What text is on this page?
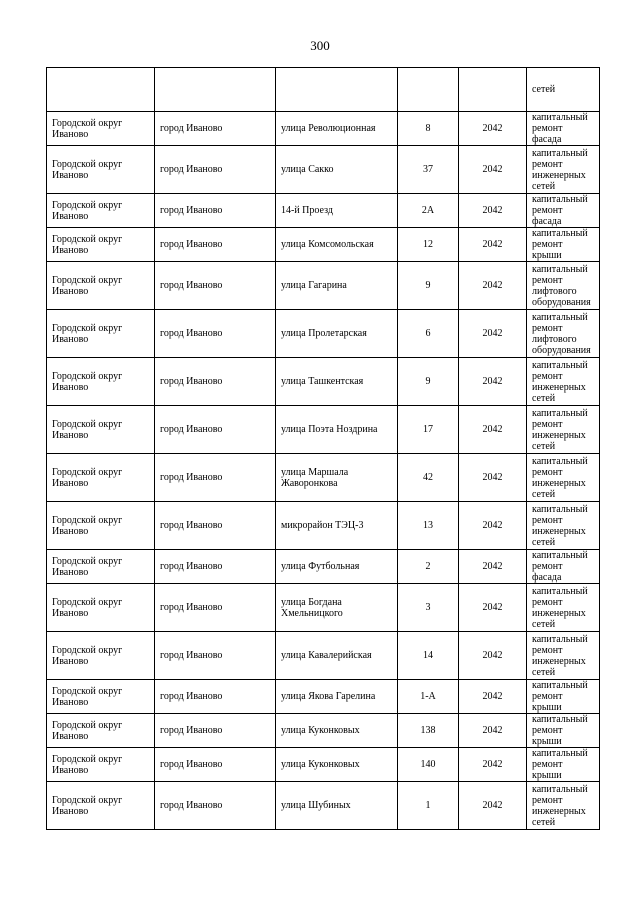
300
					сетей
Городской округ Иваново	город Иваново	улица Революционная	8	2042	капитальный ремонт фасада
Городской округ Иваново	город Иваново	улица Сакко	37	2042	капитальный ремонт инженерных сетей
Городской округ Иваново	город Иваново	14-й Проезд	2А	2042	капитальный ремонт фасада
Городской округ Иваново	город Иваново	улица Комсомольская	12	2042	капитальный ремонт крыши
Городской округ Иваново	город Иваново	улица Гагарина	9	2042	капитальный ремонт лифтового оборудования
Городской округ Иваново	город Иваново	улица Пролетарская	6	2042	капитальный ремонт лифтового оборудования
Городской округ Иваново	город Иваново	улица Ташкентская	9	2042	капитальный ремонт инженерных сетей
Городской округ Иваново	город Иваново	улица Поэта Ноздрина	17	2042	капитальный ремонт инженерных сетей
Городской округ Иваново	город Иваново	улица Маршала Жаворонкова	42	2042	капитальный ремонт инженерных сетей
Городской округ Иваново	город Иваново	микрорайон ТЭЦ-3	13	2042	капитальный ремонт инженерных сетей
Городской округ Иваново	город Иваново	улица Футбольная	2	2042	капитальный ремонт фасада
Городской округ Иваново	город Иваново	улица Богдана Хмельницкого	3	2042	капитальный ремонт инженерных сетей
Городской округ Иваново	город Иваново	улица Кавалерийская	14	2042	капитальный ремонт инженерных сетей
Городской округ Иваново	город Иваново	улица Якова Гарелина	1-А	2042	капитальный ремонт крыши
Городской округ Иваново	город Иваново	улица Куконковых	138	2042	капитальный ремонт крыши
Городской округ Иваново	город Иваново	улица Куконковых	140	2042	капитальный ремонт крыши
Городской округ Иваново	город Иваново	улица Шубиных	1	2042	капитальный ремонт инженерных сетей
